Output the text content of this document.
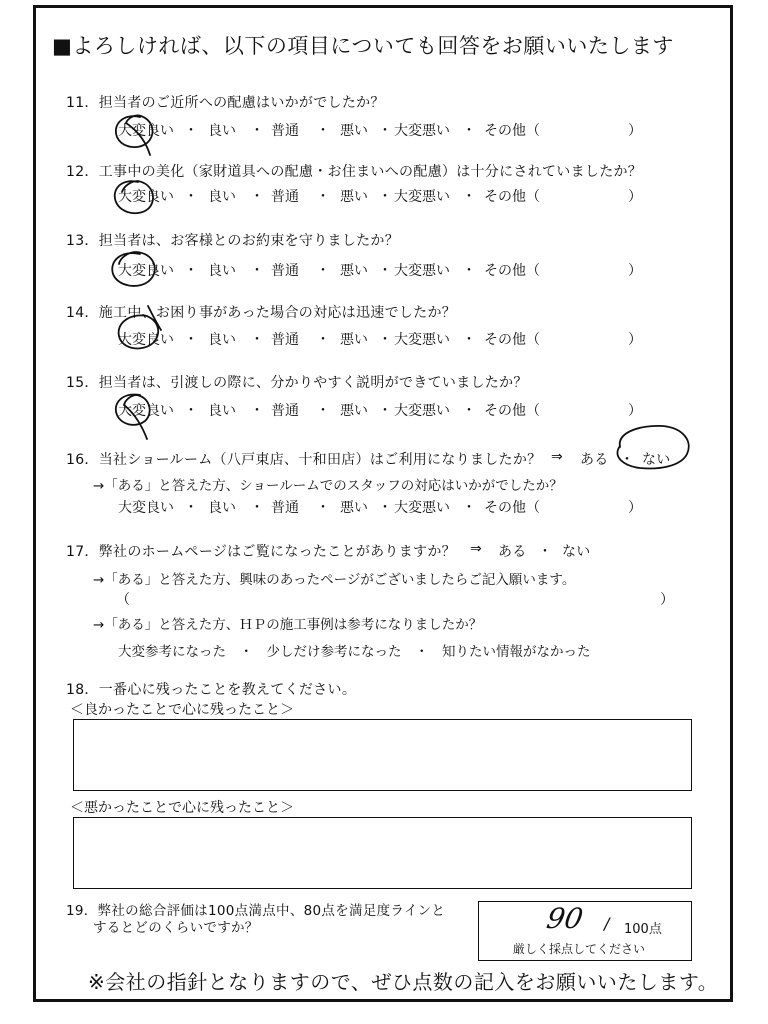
■よろしければ、以下の項目についても回答をお願いいたします
11．担当者のご近所への配慮はいかがでしたか？
大変良い ・ 良い ・ 普通 ・ 悪い ・ 大変悪い ・ その他（	）
12．工事中の美化（家財道具への配慮・お住まいへの配慮）は十分にされていましたか？
大変良い ・ 良い ・ 普通 ・ 悪い ・ 大変悪い ・ その他（	）
13．担当者は、お客様とのお約束を守りましたか？
大変良い ・ 良い ・ 普通 ・ 悪い ・ 大変悪い ・ その他（	）
14．施工中、お困り事があった場合の対応は迅速でしたか？
大変良い ・ 良い ・ 普通 ・ 悪い ・ 大変悪い ・ その他（	）
15．担当者は、引渡しの際に、分かりやすく説明ができていましたか？
大変良い ・ 良い ・ 普通 ・ 悪い ・ 大変悪い ・ その他（	）
16．当社ショールーム（八戸東店、十和田店）はご利用になりましたか？ ⇒ ある ・ ない
→「ある」と答えた方、ショールームでのスタッフの対応はいかがでしたか？
大変良い ・ 良い ・ 普通 ・ 悪い ・ 大変悪い ・ その他（	）
17．弊社のホームページはご覧になったことがありますか？ ⇒ ある ・ ない
→「ある」と答えた方、興味のあったページがございましたらご記入願います。
（	）
→「ある」と答えた方、ＨＰの施工事例は参考になりましたか？
大変参考になった　・　少しだけ参考になった　・　知りたい情報がなかった
18．一番心に残ったことを教えてください。
＜良かったことで心に残ったこと＞
＜悪かったことで心に残ったこと＞
19．弊社の総合評価は100点満点中、80点を満足度ラインと
するとどのくらいですか？	90 / 100点
厳しく採点してください
※会社の指針となりますので、ぜひ点数の記入をお願いいたします。
